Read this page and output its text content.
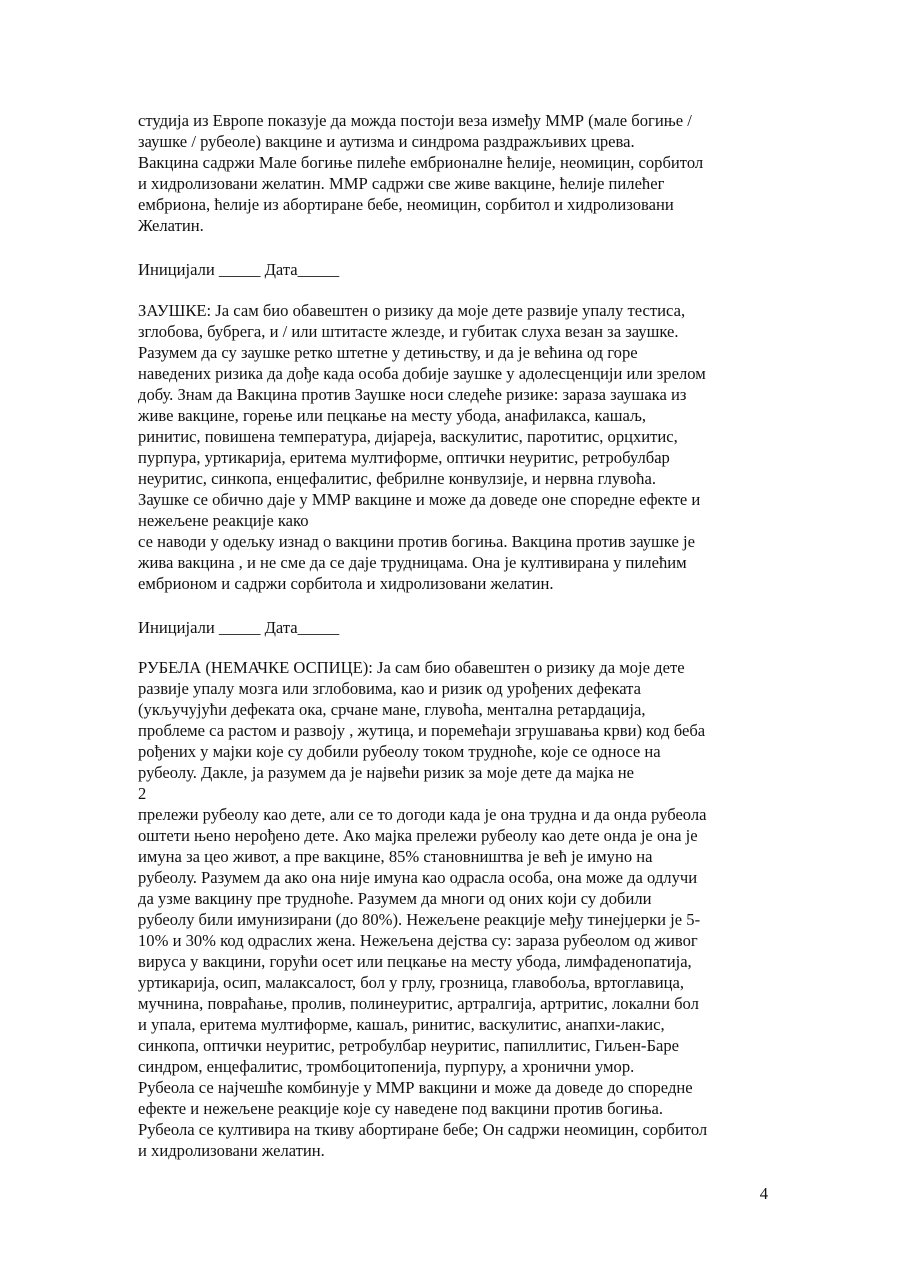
студија из Европе показује да можда постоји веза између ММР (мале богиње /
заушке / рубеоле) вакцине и аутизма и синдрома раздражљивих црева.
Вакцина садржи Мале богиње пилеће ембрионалне ћелије, неомицин, сорбитол
и хидролизовани желатин. ММР садржи све живе вакцине, ћелије пилећег
ембриона, ћелије из абортиране бебе, неомицин, сорбитол и хидролизовани
Желатин.
Иницијали _____ Дата_____
ЗАУШКЕ: Ја сам био обавештен о ризику да моје дете развије упалу тестиса,
зглобова, бубрега, и / или штитасте жлезде, и губитак слуха везан за заушке.
Разумем да су заушке ретко штетне у детињству, и да је већина од горе
наведених ризика да дође када особа добије заушке у адолесценцији или зрелом
добу. Знам да Вакцина против Заушке носи следеће ризике: зараза заушака из
живе вакцине, горење или пецкање на месту убода, анафилакса, кашаљ,
ринитис, повишена температура, дијареја, васкулитис, паротитис, орцхитис,
пурпура, уртикарија, еритема мултиформе, оптички неуритис, ретробулбар
неуритис, синкопа, енцефалитис, фебрилне конвулзије, и нервна глувоћа.
Заушке се обично даје у ММР вакцине и може да доведе оне споредне ефекте и
нежељене реакције како
се наводи у одељку изнад о вакцини против богиња. Вакцина против заушке је
жива вакцина , и не сме да се даје трудницама. Она је култивирана у пилећим
ембрионом и садржи сорбитола и хидролизовани желатин.
Иницијали _____ Дата_____
РУБЕЛА (НЕМАЧКЕ ОСПИЦЕ): Ја сам био обавештен о ризику да моје дете
развије упалу мозга или зглобовима, као и ризик од урођених дефеката
(укључујући дефеката ока, срчане мане, глувоћа, ментална ретардација,
проблеме са растом и развоју , жутица, и поремећаји згрушавања крви) код беба
рођених у мајки које су добили рубеолу током трудноће, које се односе на
рубеолу. Дакле, ја разумем да је највећи ризик за моје дете да мајка не
2
прележи рубеолу као дете, али се то догоди када је она трудна и да онда рубеола
оштети њено нерођено дете. Ако мајка прележи рубеолу као дете онда је она је
имуна за цео живот, а пре вакцине, 85% становништва је већ је имуно на
рубеолу. Разумем да ако она није имуна као одрасла особа, она може да одлучи
да узме вакцину пре трудноће. Разумем да многи од оних који су добили
рубеолу били имунизирани (до 80%). Нежељене реакције међу тинејџерки је 5-
10% и 30% код одраслих жена. Нежељена дејства су: зараза рубеолом од живог
вируса у вакцини, горући осет или пецкање на месту убода, лимфаденопатија,
уртикарија, осип, малаксалост, бол у грлу, грозница, главобоља, вртоглавица,
мучнина, повраћање, пролив, полинеуритис, артралгија, артритис, локални бол
и упала, еритема мултиформе, кашаљ, ринитис, васкулитис, анапхи-лакис,
синкопа, оптички неуритис, ретробулбар неуритис, папиллитис, Гиљен-Баре
синдром, енцефалитис, тромбоцитопенија, пурпуру, а хронични умор.
Рубеола се најчешће комбинује у ММР вакцини и може да доведе до споредне
ефекте и нежељене реакције које су наведене под вакцини против богиња.
Рубеола се култивира на ткиву абортиране бебе; Он садржи неомицин, сорбитол
и хидролизовани желатин.
4
